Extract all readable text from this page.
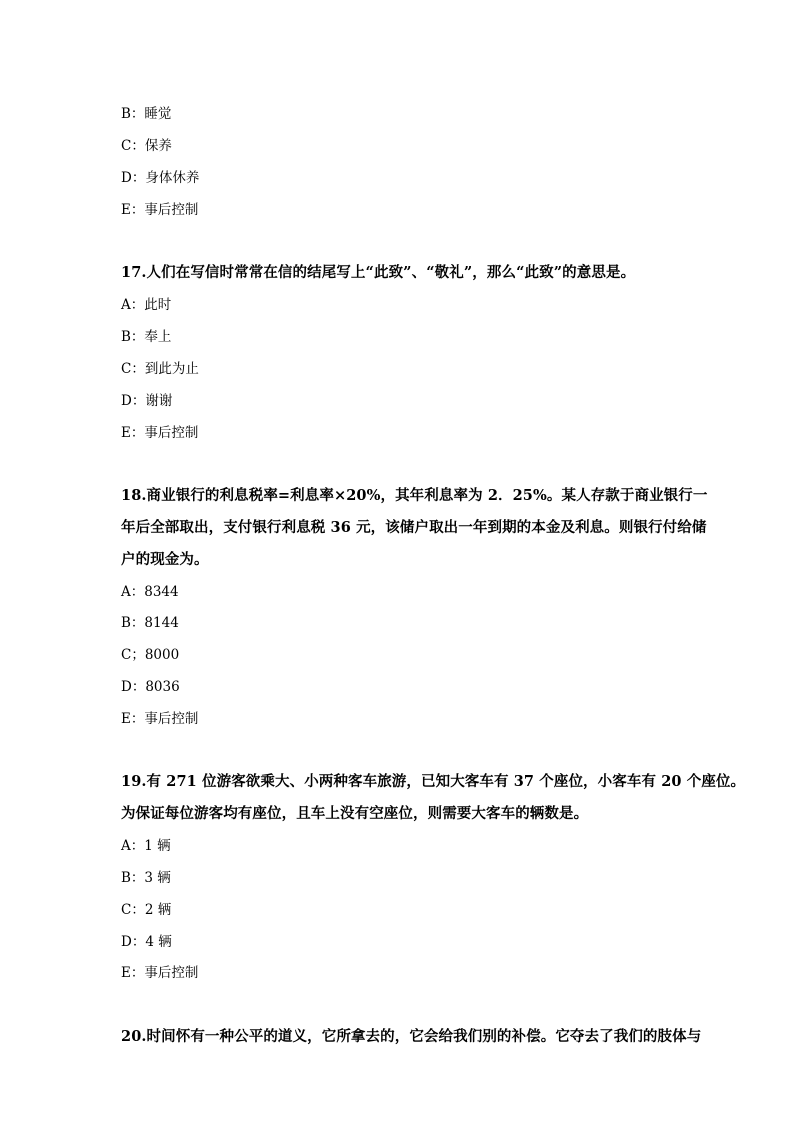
B：睡觉
C：保养
D：身体休养
E：事后控制
17.人们在写信时常常在信的结尾写上“此致”、“敬礼”，那么“此致”的意思是。
A：此时
B：奉上
C：到此为止
D：谢谢
E：事后控制
18.商业银行的利息税率=利息率×20%，其年利息率为 2．25%。某人存款于商业银行一
年后全部取出，支付银行利息税 36 元，该储户取出一年到期的本金及利息。则银行付给储
户的现金为。
A：8344
B：8144
C；8000
D：8036
E：事后控制
19.有 271 位游客欲乘大、小两种客车旅游，已知大客车有 37 个座位，小客车有 20 个座位。
为保证每位游客均有座位，且车上没有空座位，则需要大客车的辆数是。
A：1 辆
B：3 辆
C：2 辆
D：4 辆
E：事后控制
20.时间怀有一种公平的道义，它所拿去的，它会给我们别的补偿。它夺去了我们的肢体与
